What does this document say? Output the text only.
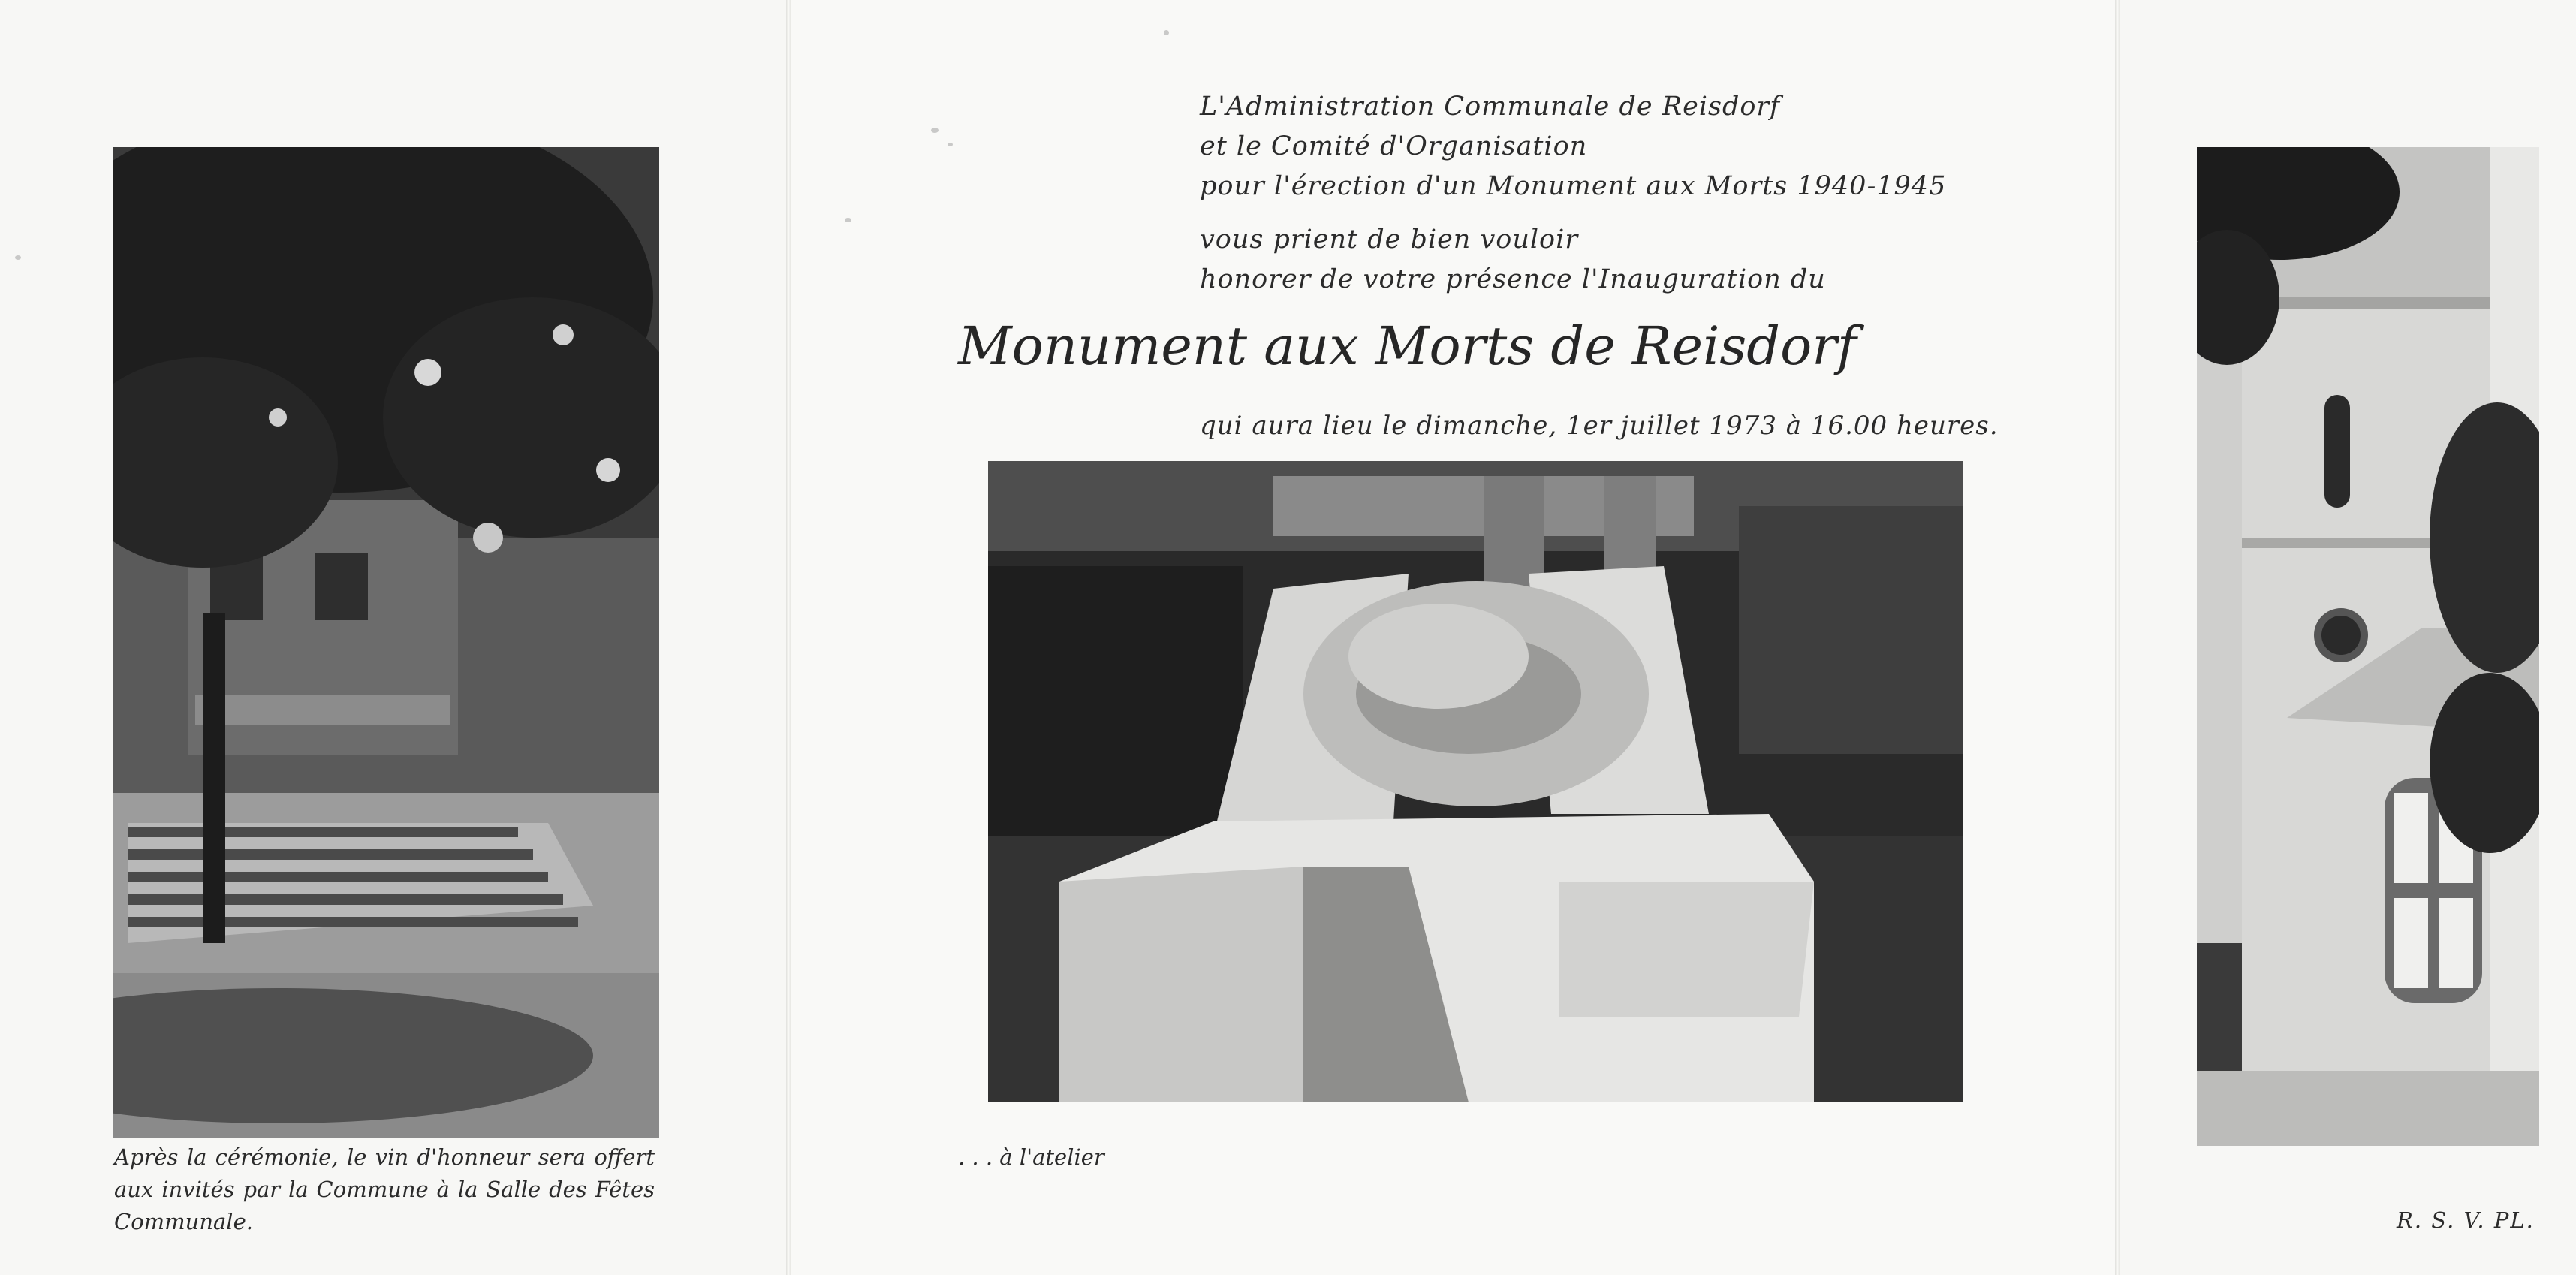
Après la cérémonie, le vin d'honneur sera offert aux invités par la Commune à la Salle des Fêtes Communale.
L'Administration Communale de Reisdorf
et le Comité d'Organisation
pour l'érection d'un Monument aux Morts 1940-1945
vous prient de bien vouloir
honorer de votre présence l'Inauguration du
Monument aux Morts de Reisdorf
qui aura lieu le dimanche, 1er juillet 1973 à 16.00 heures.
. . . à l'atelier
R. S. V. PL.
